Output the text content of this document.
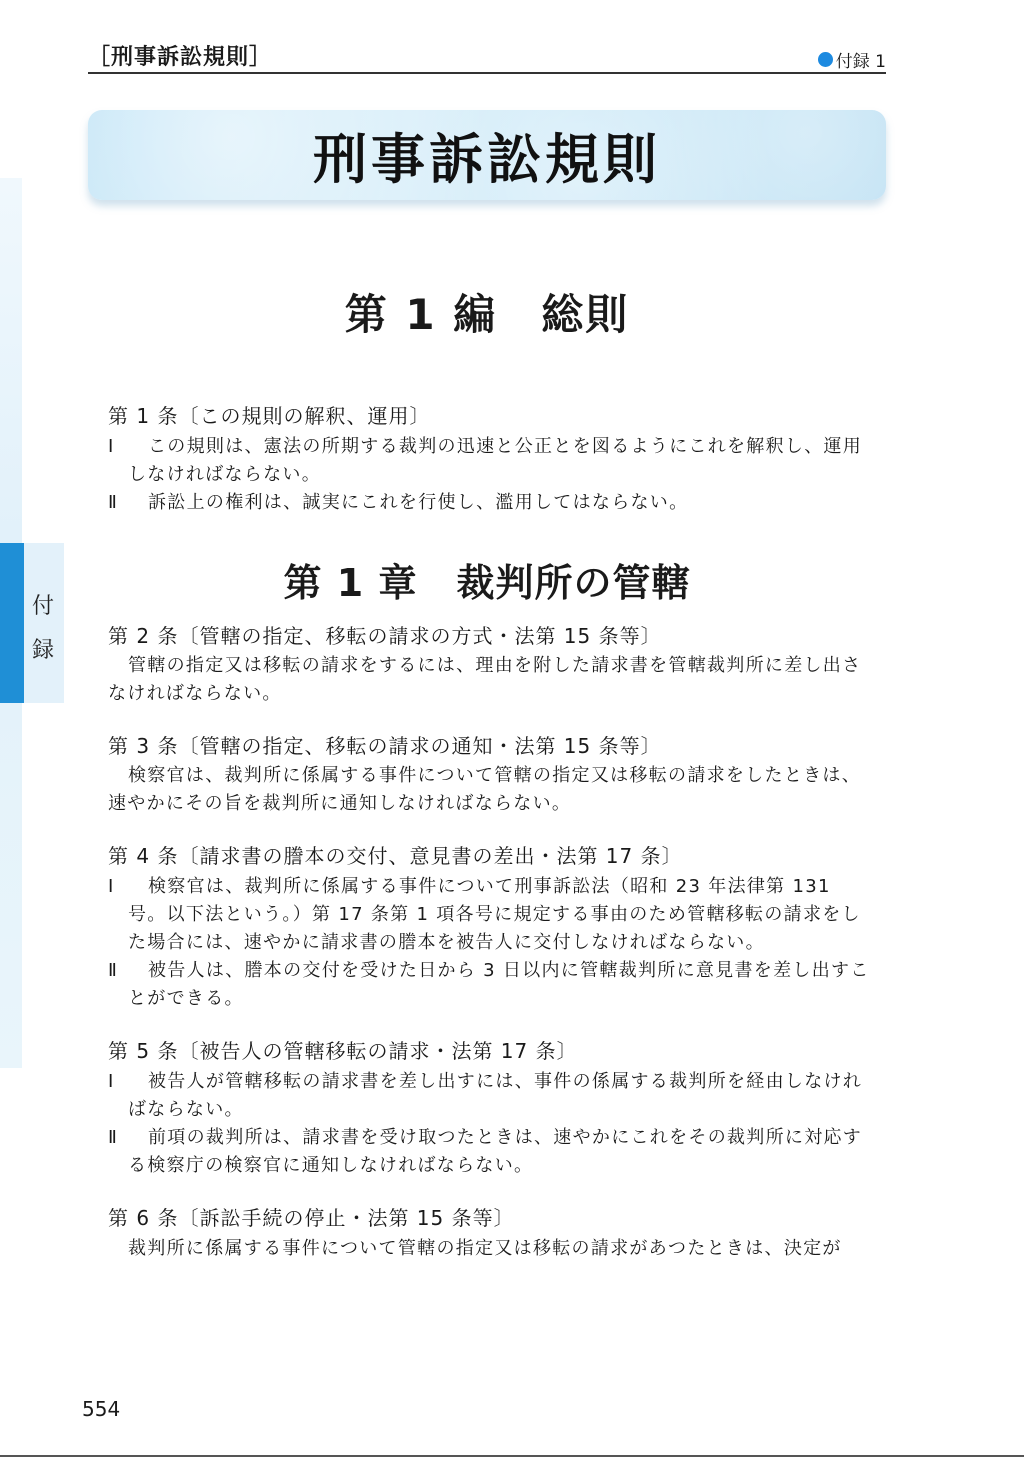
付
録
［刑事訴訟規則］	付録 1
刑事訴訟規則
第 1 編　総則
第 1 条〔この規則の解釈、運用〕
Ⅰ	この規則は、憲法の所期する裁判の迅速と公正とを図るようにこれを解釈し、運用しなければならない。
Ⅱ	訴訟上の権利は、誠実にこれを行使し、濫用してはならない。
第 1 章　裁判所の管轄
第 2 条〔管轄の指定、移転の請求の方式・法第 15 条等〕
管轄の指定又は移転の請求をするには、理由を附した請求書を管轄裁判所に差し出さなければならない。
第 3 条〔管轄の指定、移転の請求の通知・法第 15 条等〕
検察官は、裁判所に係属する事件について管轄の指定又は移転の請求をしたときは、速やかにその旨を裁判所に通知しなければならない。
第 4 条〔請求書の謄本の交付、意見書の差出・法第 17 条〕
Ⅰ	検察官は、裁判所に係属する事件について刑事訴訟法（昭和 23 年法律第 131 号。以下法という。）第 17 条第 1 項各号に規定する事由のため管轄移転の請求をした場合には、速やかに請求書の謄本を被告人に交付しなければならない。
Ⅱ	被告人は、謄本の交付を受けた日から 3 日以内に管轄裁判所に意見書を差し出すことができる。
第 5 条〔被告人の管轄移転の請求・法第 17 条〕
Ⅰ	被告人が管轄移転の請求書を差し出すには、事件の係属する裁判所を経由しなければならない。
Ⅱ	前項の裁判所は、請求書を受け取つたときは、速やかにこれをその裁判所に対応する検察庁の検察官に通知しなければならない。
第 6 条〔訴訟手続の停止・法第 15 条等〕
裁判所に係属する事件について管轄の指定又は移転の請求があつたときは、決定が
554
